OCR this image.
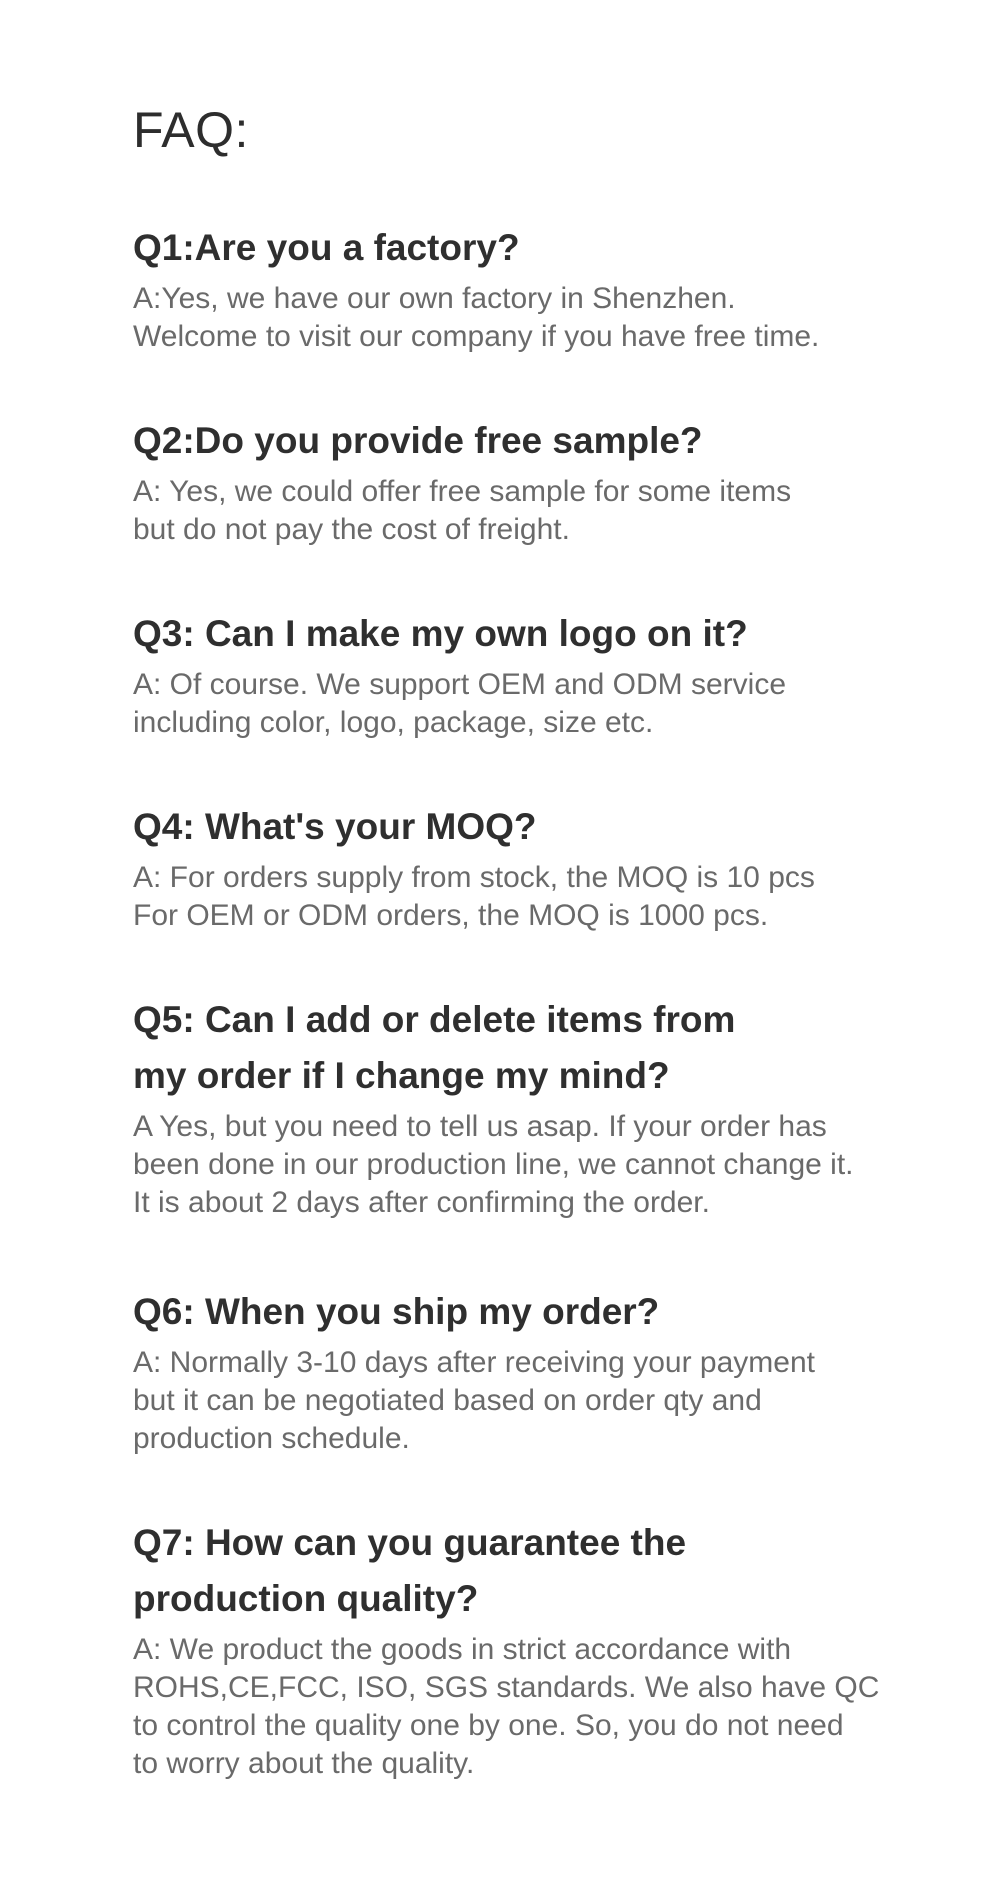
FAQ:
Q1:Are you a factory?

A:Yes, we have our own factory in Shenzhen.
Welcome to visit our company if you have free time.

Q2:Do you provide free sample?

A: Yes, we could offer free sample for some items
but do not pay the cost of freight.

Q3: Can I make my own logo on it?

A: Of course. We support OEM and ODM service
including color, logo, package, size etc.

Q4: What's your MOQ?

A: For orders supply from stock, the MOQ is 10 pcs
For OEM or ODM orders, the MOQ is 1000 pcs.

Q5: Can I add or delete items from
my order if I change my mind?

A Yes, but you need to tell us asap. If your order has
been done in our production line, we cannot change it.
It is about 2 days after confirming the order.

Q6: When you ship my order?

A: Normally 3-10 days after receiving your payment
but it can be negotiated based on order qty and
production schedule.

Q7: How can you guarantee the
production quality?

A: We product the goods in strict accordance with
ROHS,CE,FCC, ISO, SGS standards. We also have QC
to control the quality one by one. So, you do not need
to worry about the quality.
